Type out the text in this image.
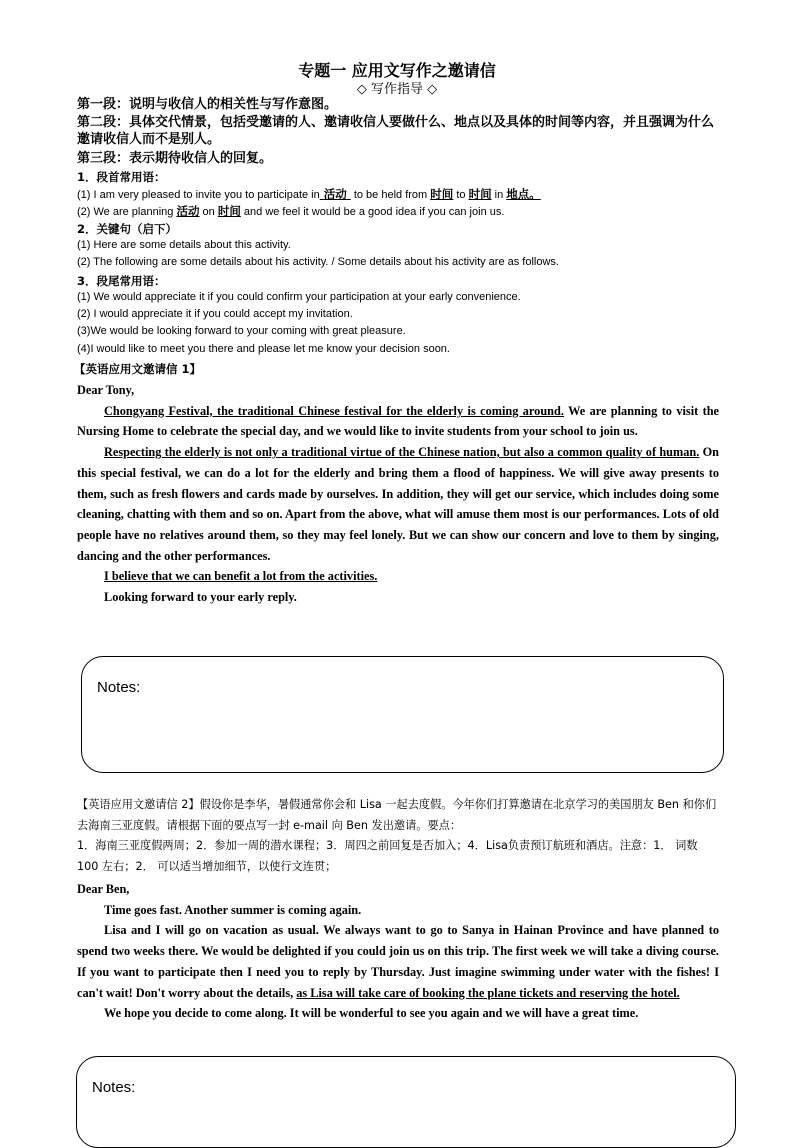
专题一 应用文写作之邀请信
◇ 写作指导 ◇
第一段：说明与收信人的相关性与写作意图。
第二段：具体交代情景，包括受邀请的人、邀请收信人要做什么、地点以及具体的时间等内容，并且强调为什么邀请收信人而不是别人。
第三段：表示期待收信人的回复。
1．段首常用语：
(1) I am very pleased to invite you to participate in 活动 to be held from 时间 to 时间 in 地点。
(2) We are planning 活动 on 时间 and we feel it would be a good idea if you can join us.
2．关键句（启下）
(1) Here are some details about this activity.
(2) The following are some details about his activity. / Some details about his activity are as follows.
3．段尾常用语：
(1) We would appreciate it if you could confirm your participation at your early convenience.
(2) I would appreciate it if you could accept my invitation.
(3)We would be looking forward to your coming with great pleasure.
(4)I would like to meet you there and please let me know your decision soon.
【英语应用文邀请信 1】

Dear Tony,

Chongyang Festival, the traditional Chinese festival for the elderly is coming around. We are planning to visit the Nursing Home to celebrate the special day, and we would like to invite students from your school to join us.

Respecting the elderly is not only a traditional virtue of the Chinese nation, but also a common quality of human. On this special festival, we can do a lot for the elderly and bring them a flood of happiness. We will give away presents to them, such as fresh flowers and cards made by ourselves. In addition, they will get our service, which includes doing some cleaning, chatting with them and so on. Apart from the above, what will amuse them most is our performances. Lots of old people have no relatives around them, so they may feel lonely. But we can show our concern and love to them by singing, dancing and the other performances.

I believe that we can benefit a lot from the activities.

Looking forward to your early reply.

Notes:
【英语应用文邀请信 2】假设你是李华，暑假通常你会和 Lisa 一起去度假。今年你们打算邀请在北京学习的美国朋友 Ben 和你们去海南三亚度假。请根据下面的要点写一封 e-mail 向 Ben 发出邀请。要点：
1．海南三亚度假两周；2．参加一周的潜水课程；3．周四之前回复是否加入；4．Lisa负责预订航班和酒店。注意：1． 词数 100 左右；2． 可以适当增加细节，以使行文连贯；

Dear Ben,

Time goes fast. Another summer is coming again.

Lisa and I will go on vacation as usual. We always want to go to Sanya in Hainan Province and have planned to spend two weeks there. We would be delighted if you could join us on this trip. The first week we will take a diving course. If you want to participate then I need you to reply by Thursday. Just imagine swimming under water with the fishes! I can't wait! Don't worry about the details, as Lisa will take care of booking the plane tickets and reserving the hotel.

We hope you decide to come along. It will be wonderful to see you again and we will have a great time.

Notes:
